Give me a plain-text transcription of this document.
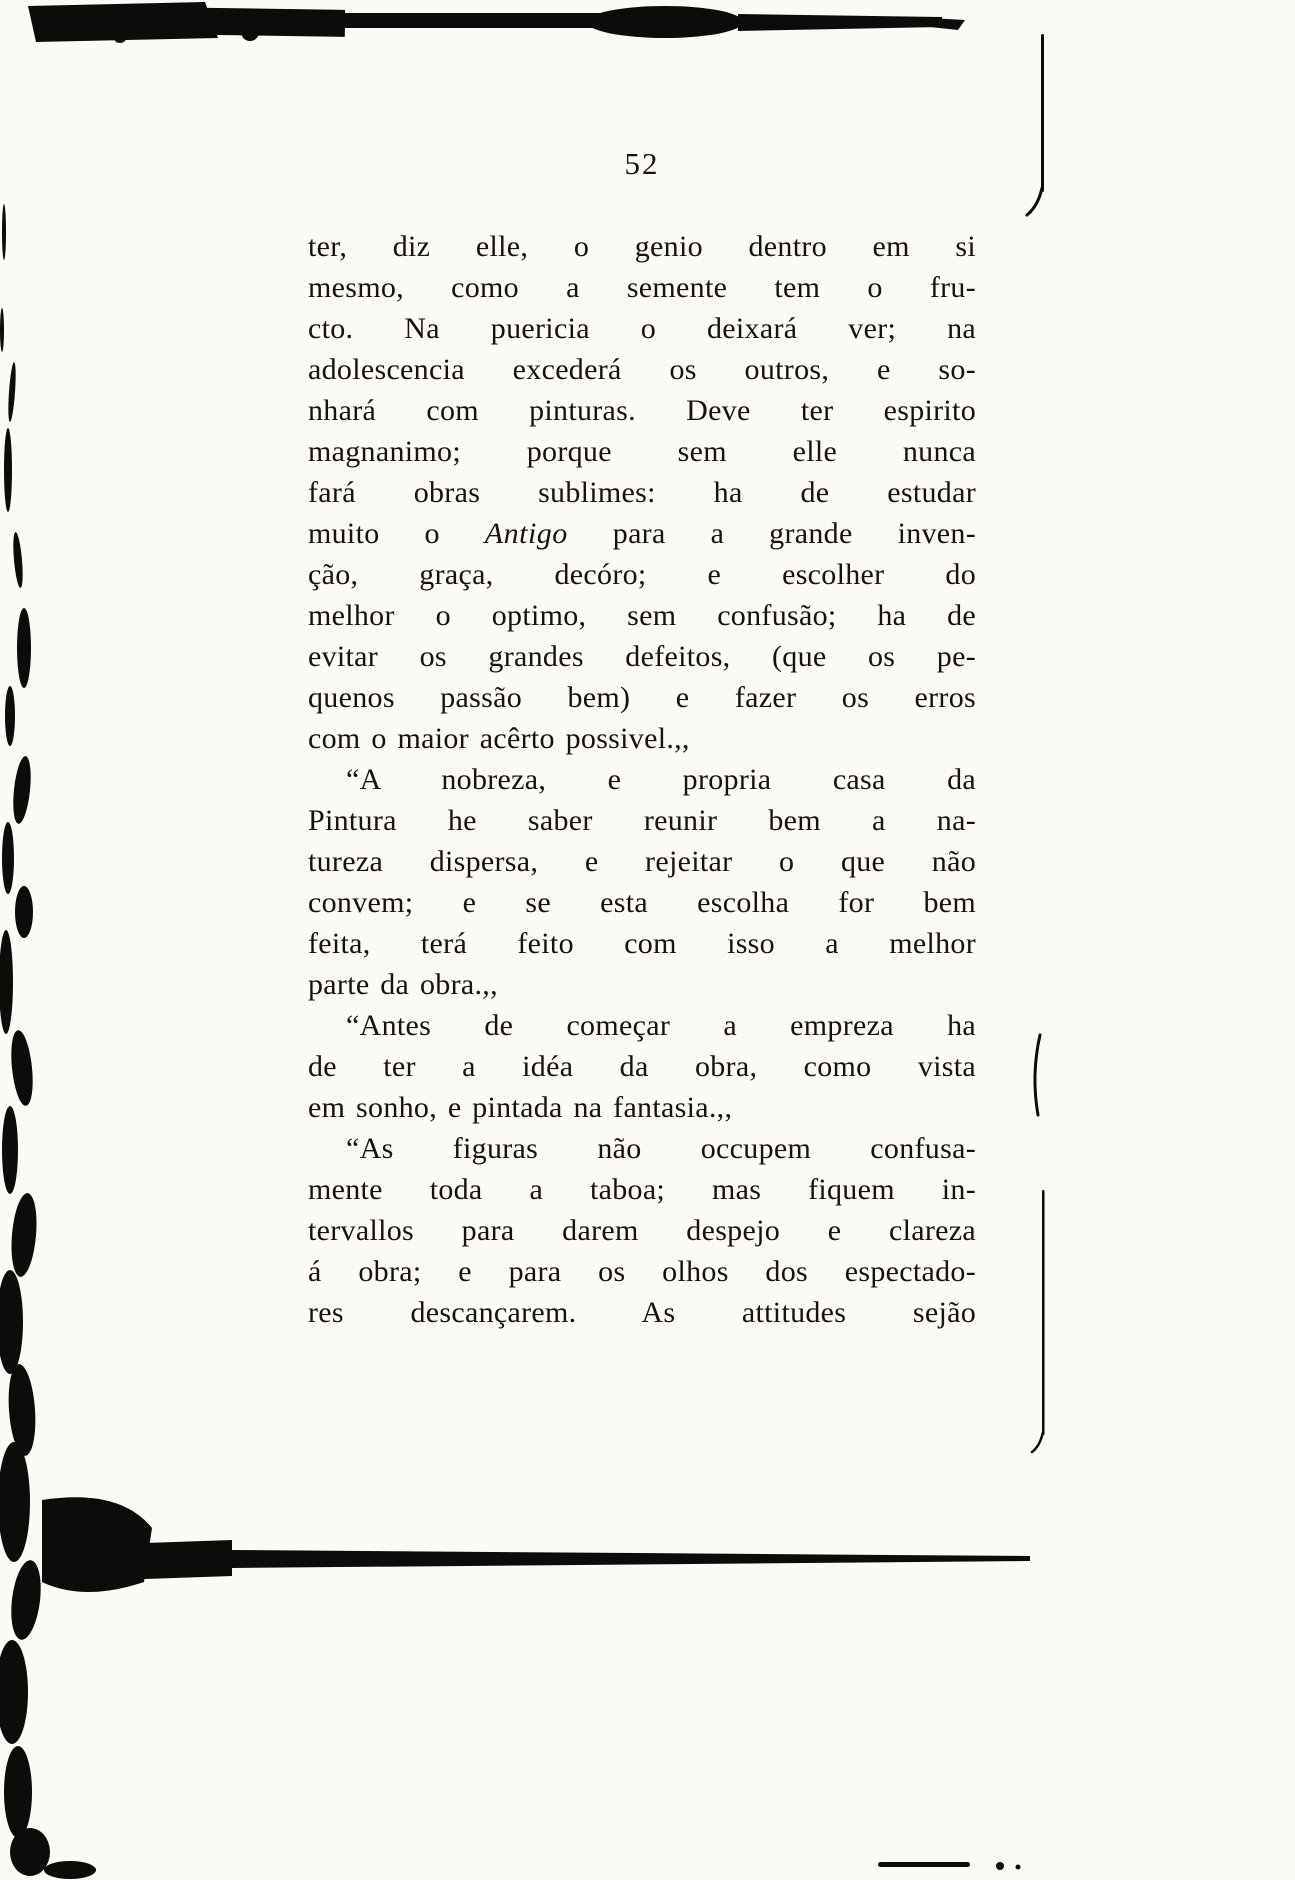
52
ter, diz elle, o genio dentro em si
mesmo, como a semente tem o fru-
cto. Na puericia o deixará ver; na
adolescencia excederá os outros, e so-
nhará com pinturas. Deve ter espirito
magnanimo; porque sem elle nunca
fará obras sublimes: ha de estudar
muito o Antigo para a grande inven-
ção, graça, decóro; e escolher do
melhor o optimo, sem confusão; ha de
evitar os grandes defeitos, (que os pe-
quenos passão bem) e fazer os erros
com o maior acêrto possivel.,,
“A nobreza, e propria casa da
Pintura he saber reunir bem a na-
tureza dispersa, e rejeitar o que não
convem; e se esta escolha for bem
feita, terá feito com isso a melhor
parte da obra.,,
“Antes de começar a empreza ha
de ter a idéa da obra, como vista
em sonho, e pintada na fantasia.,,
“As figuras não occupem confusa-
mente toda a taboa; mas fiquem in-
tervallos para darem despejo e clareza
á obra; e para os olhos dos espectado-
res descançarem. As attitudes sejão
